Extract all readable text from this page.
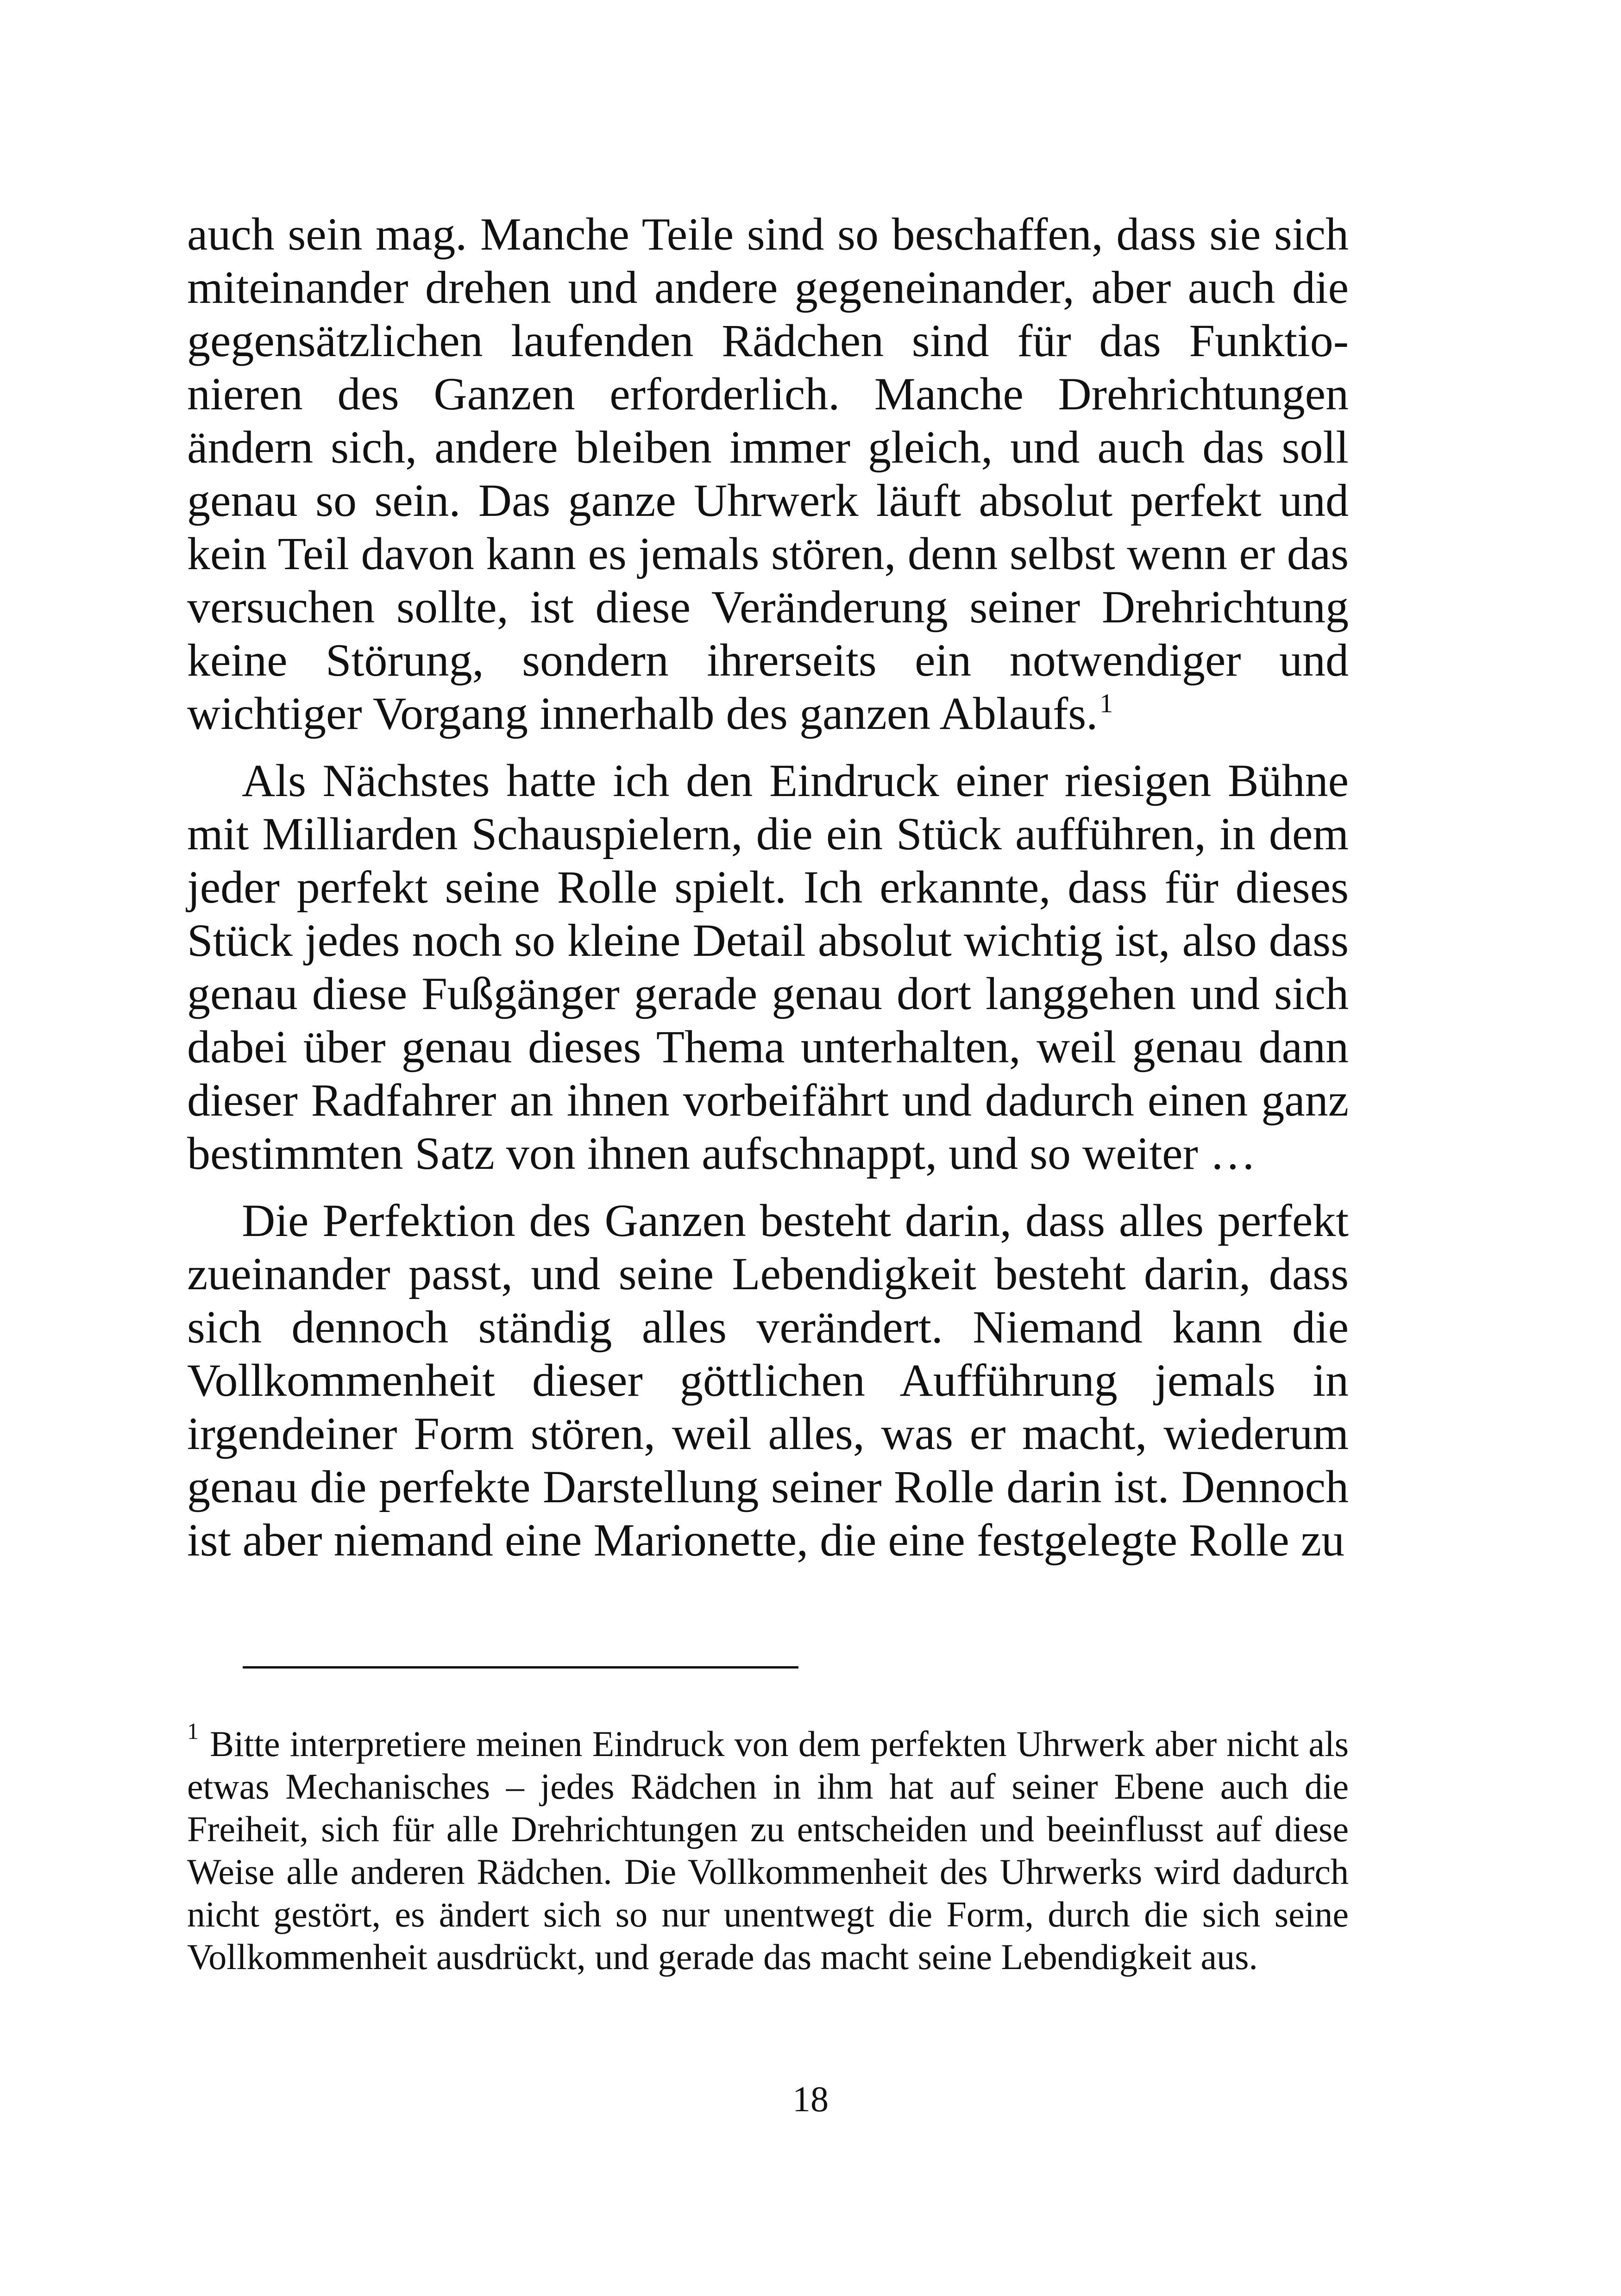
auch sein mag. Manche Teile sind so beschaffen, dass sie sich miteinander drehen und andere gegeneinander, aber auch die gegensätzlichen laufenden Rädchen sind für das Funktionieren des Ganzen erforderlich. Manche Drehrichtungen ändern sich, andere bleiben immer gleich, und auch das soll genau so sein. Das ganze Uhrwerk läuft absolut perfekt und kein Teil davon kann es jemals stören, denn selbst wenn er das versuchen sollte, ist diese Veränderung seiner Drehrichtung keine Störung, sondern ihrerseits ein notwendiger und wichtiger Vorgang innerhalb des ganzen Ablaufs.$^1$

Als Nächstes hatte ich den Eindruck einer riesigen Bühne mit Milliarden Schauspielern, die ein Stück aufführen, in dem jeder perfekt seine Rolle spielt. Ich erkannte, dass für dieses Stück jedes noch so kleine Detail absolut wichtig ist, also dass genau diese Fußgänger gerade genau dort langgehen und sich dabei über genau dieses Thema unterhalten, weil genau dann dieser Radfahrer an ihnen vorbeifährt und dadurch einen ganz bestimmten Satz von ihnen aufschnappt, und so weiter …

Die Perfektion des Ganzen besteht darin, dass alles perfekt zueinander passt, und seine Lebendigkeit besteht darin, dass sich dennoch ständig alles verändert. Niemand kann die Vollkommenheit dieser göttlichen Aufführung jemals in irgendeiner Form stören, weil alles, was er macht, wiederum genau die perfekte Darstellung seiner Rolle darin ist. Dennoch ist aber niemand eine Marionette, die eine festgelegte Rolle zu

$^1$ Bitte interpretiere meinen Eindruck von dem perfekten Uhrwerk aber nicht als etwas Mechanisches – jedes Rädchen in ihm hat auf seiner Ebene auch die Freiheit, sich für alle Drehrichtungen zu entscheiden und beeinflusst auf diese Weise alle anderen Rädchen. Die Vollkommenheit des Uhrwerks wird dadurch nicht gestört, es ändert sich so nur unentwegt die Form, durch die sich seine Vollkommenheit ausdrückt, und gerade das macht seine Lebendigkeit aus.

18
